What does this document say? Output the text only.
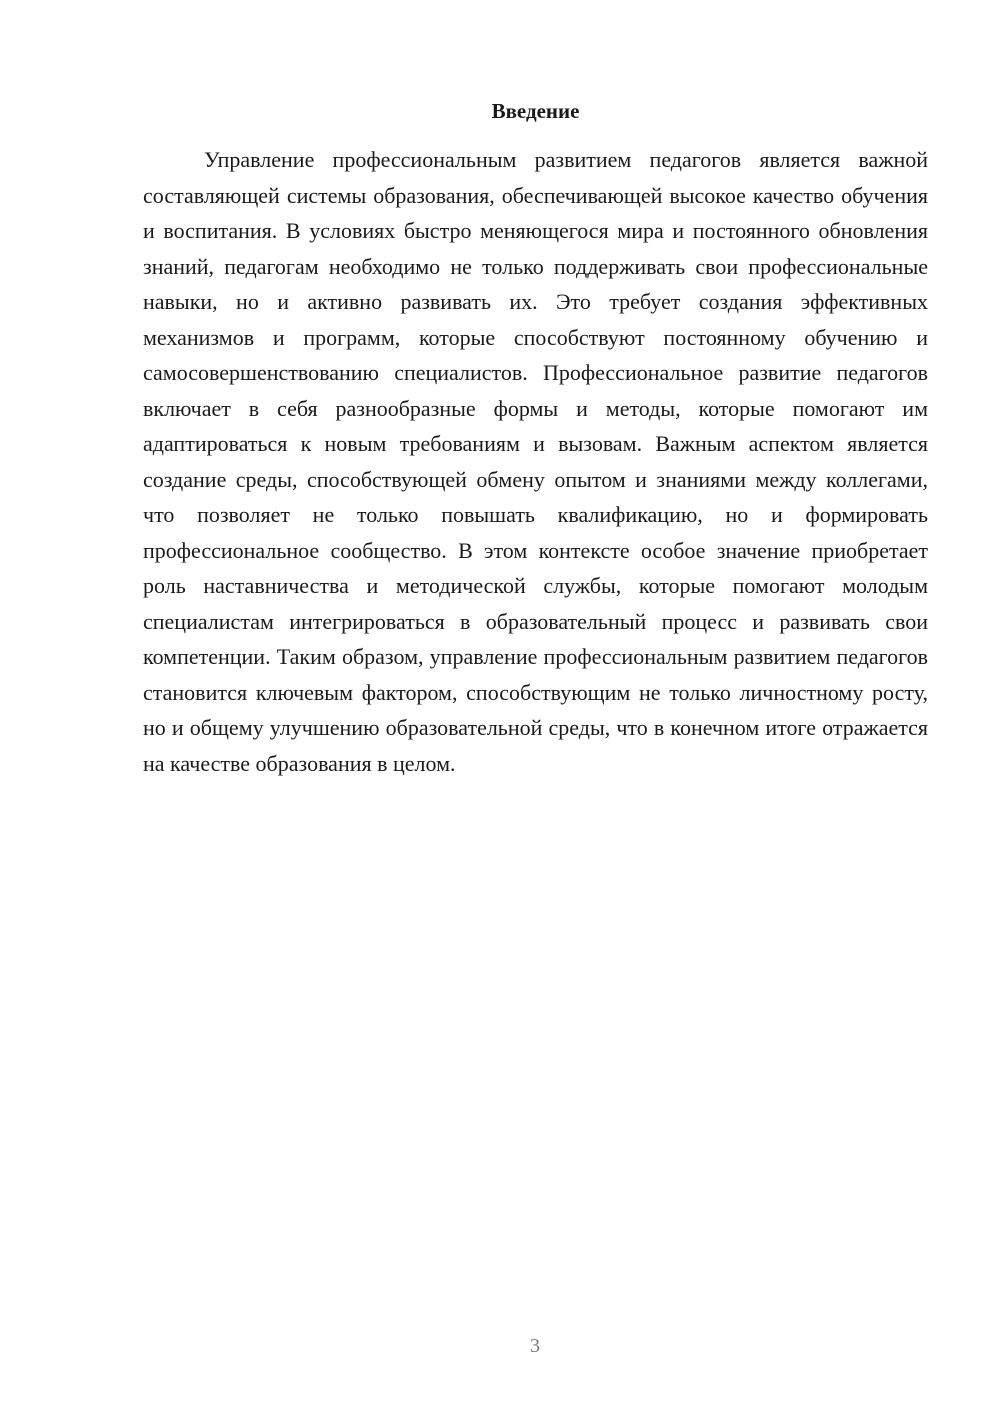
Введение

Управление профессиональным развитием педагогов является важной составляющей системы образования, обеспечивающей высокое качество обучения и воспитания. В условиях быстро меняющегося мира и постоянного обновления знаний, педагогам необходимо не только поддерживать свои профессиональные навыки, но и активно развивать их. Это требует создания эффективных механизмов и программ, которые способствуют постоянному обучению и самосовершенствованию специалистов. Профессиональное развитие педагогов включает в себя разнообразные формы и методы, которые помогают им адаптироваться к новым требованиям и вызовам. Важным аспектом является создание среды, способствующей обмену опытом и знаниями между коллегами, что позволяет не только повышать квалификацию, но и формировать профессиональное сообщество. В этом контексте особое значение приобретает роль наставничества и методической службы, которые помогают молодым специалистам интегрироваться в образовательный процесс и развивать свои компетенции. Таким образом, управление профессиональным развитием педагогов становится ключевым фактором, способствующим не только личностному росту, но и общему улучшению образовательной среды, что в конечном итоге отражается на качестве образования в целом.

3
